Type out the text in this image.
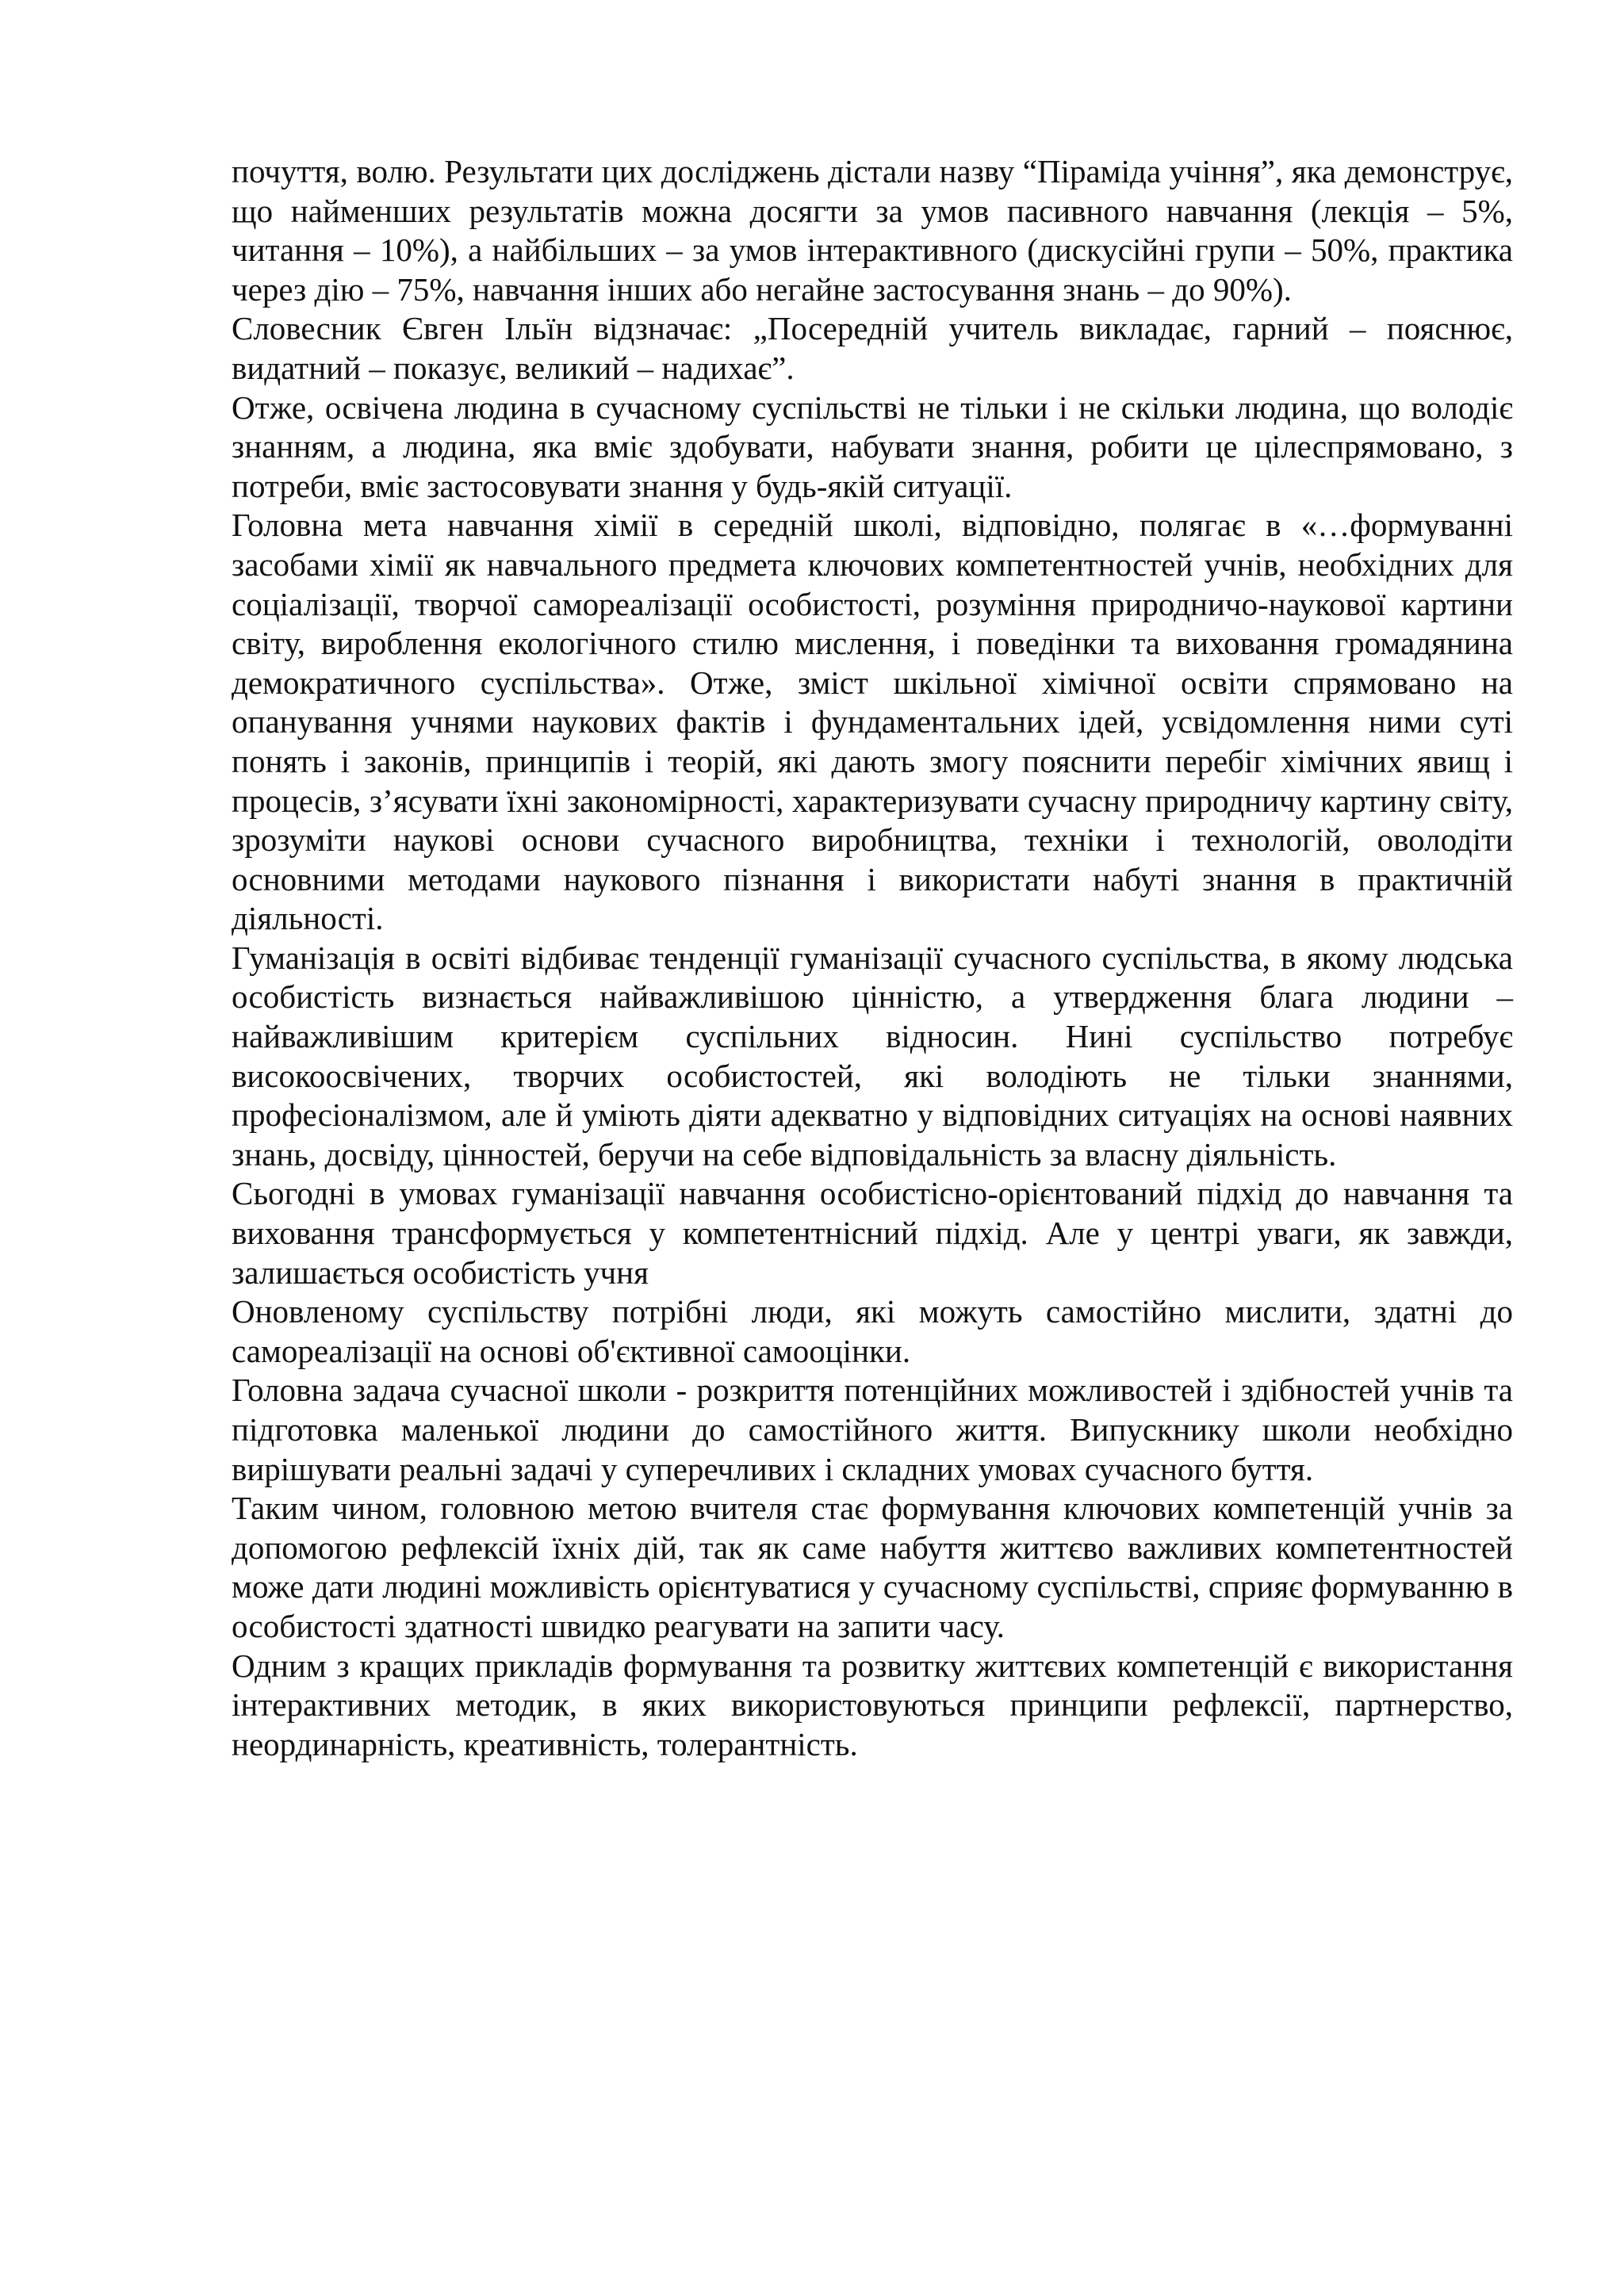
почуття, волю. Результати цих досліджень дістали назву “Піраміда учіння”, яка демонструє, що найменших результатів можна досягти за умов пасивного навчання (лекція – 5%, читання – 10%), а найбільших – за умов інтерактивного (дискусійні групи – 50%, практика через дію – 75%, навчання інших або негайне застосування знань – до 90%).

Словесник Євген Ільїн відзначає: „Посередній учитель викладає, гарний – пояснює, видатний – показує, великий – надихає”.

Отже, освічена людина в сучасному суспільстві не тільки і не скільки людина, що володіє знанням, а людина, яка вміє здобувати, набувати знання, робити це цілеспрямовано, з потреби, вміє застосовувати знання у будь-якій ситуації.

Головна мета навчання хімії в середній школі, відповідно, полягає в «…формуванні засобами хімії як навчального предмета ключових компетентностей учнів, необхідних для соціалізації, творчої самореалізації особистості, розуміння природничо-наукової картини світу, вироблення екологічного стилю мислення, і поведінки та виховання громадянина демократичного суспільства». Отже, зміст шкільної хімічної освіти спрямовано на опанування учнями наукових фактів і фундаментальних ідей, усвідомлення ними суті понять і законів, принципів і теорій, які дають змогу пояснити перебіг хімічних явищ і процесів, з’ясувати їхні закономірності, характеризувати сучасну природничу картину світу, зрозуміти наукові основи сучасного виробництва, техніки і технологій, оволодіти основними методами наукового пізнання і використати набуті знання в практичній діяльності.

Гуманізація в освіті відбиває тенденції гуманізації сучасного суспільства, в якому людська особистість визнається найважливішою цінністю, а утвердження блага людини – найважливішим критерієм суспільних відносин. Нині суспільство потребує високоосвічених, творчих особистостей, які володіють не тільки знаннями, професіоналізмом, але й уміють діяти адекватно у відповідних ситуаціях на основі наявних знань, досвіду, цінностей, беручи на себе відповідальність за власну діяльність.

Сьогодні в умовах гуманізації навчання особистісно-орієнтований підхід до навчання та виховання трансформується у компетентнісний підхід. Але у центрі уваги, як завжди, залишається особистість учня

Оновленому суспільству потрібні люди, які можуть самостійно мислити, здатні до самореалізації на основі об'єктивної самооцінки.

Головна задача сучасної школи - розкриття потенційних можливостей і здібностей учнів та підготовка маленької людини до самостійного життя. Випускнику школи необхідно вирішувати реальні задачі у суперечливих і складних умовах сучасного буття.

Таким чином, головною метою вчителя стає формування ключових компетенцій учнів за допомогою рефлексій їхніх дій, так як саме набуття життєво важливих компетентностей може дати людині можливість орієнтуватися у сучасному суспільстві, сприяє формуванню в особистості здатності швидко реагувати на запити часу.

Одним з кращих прикладів формування та розвитку життєвих компетенцій є використання інтерактивних методик, в яких використовуються принципи рефлексії, партнерство, неординарність, креативність, толерантність.
